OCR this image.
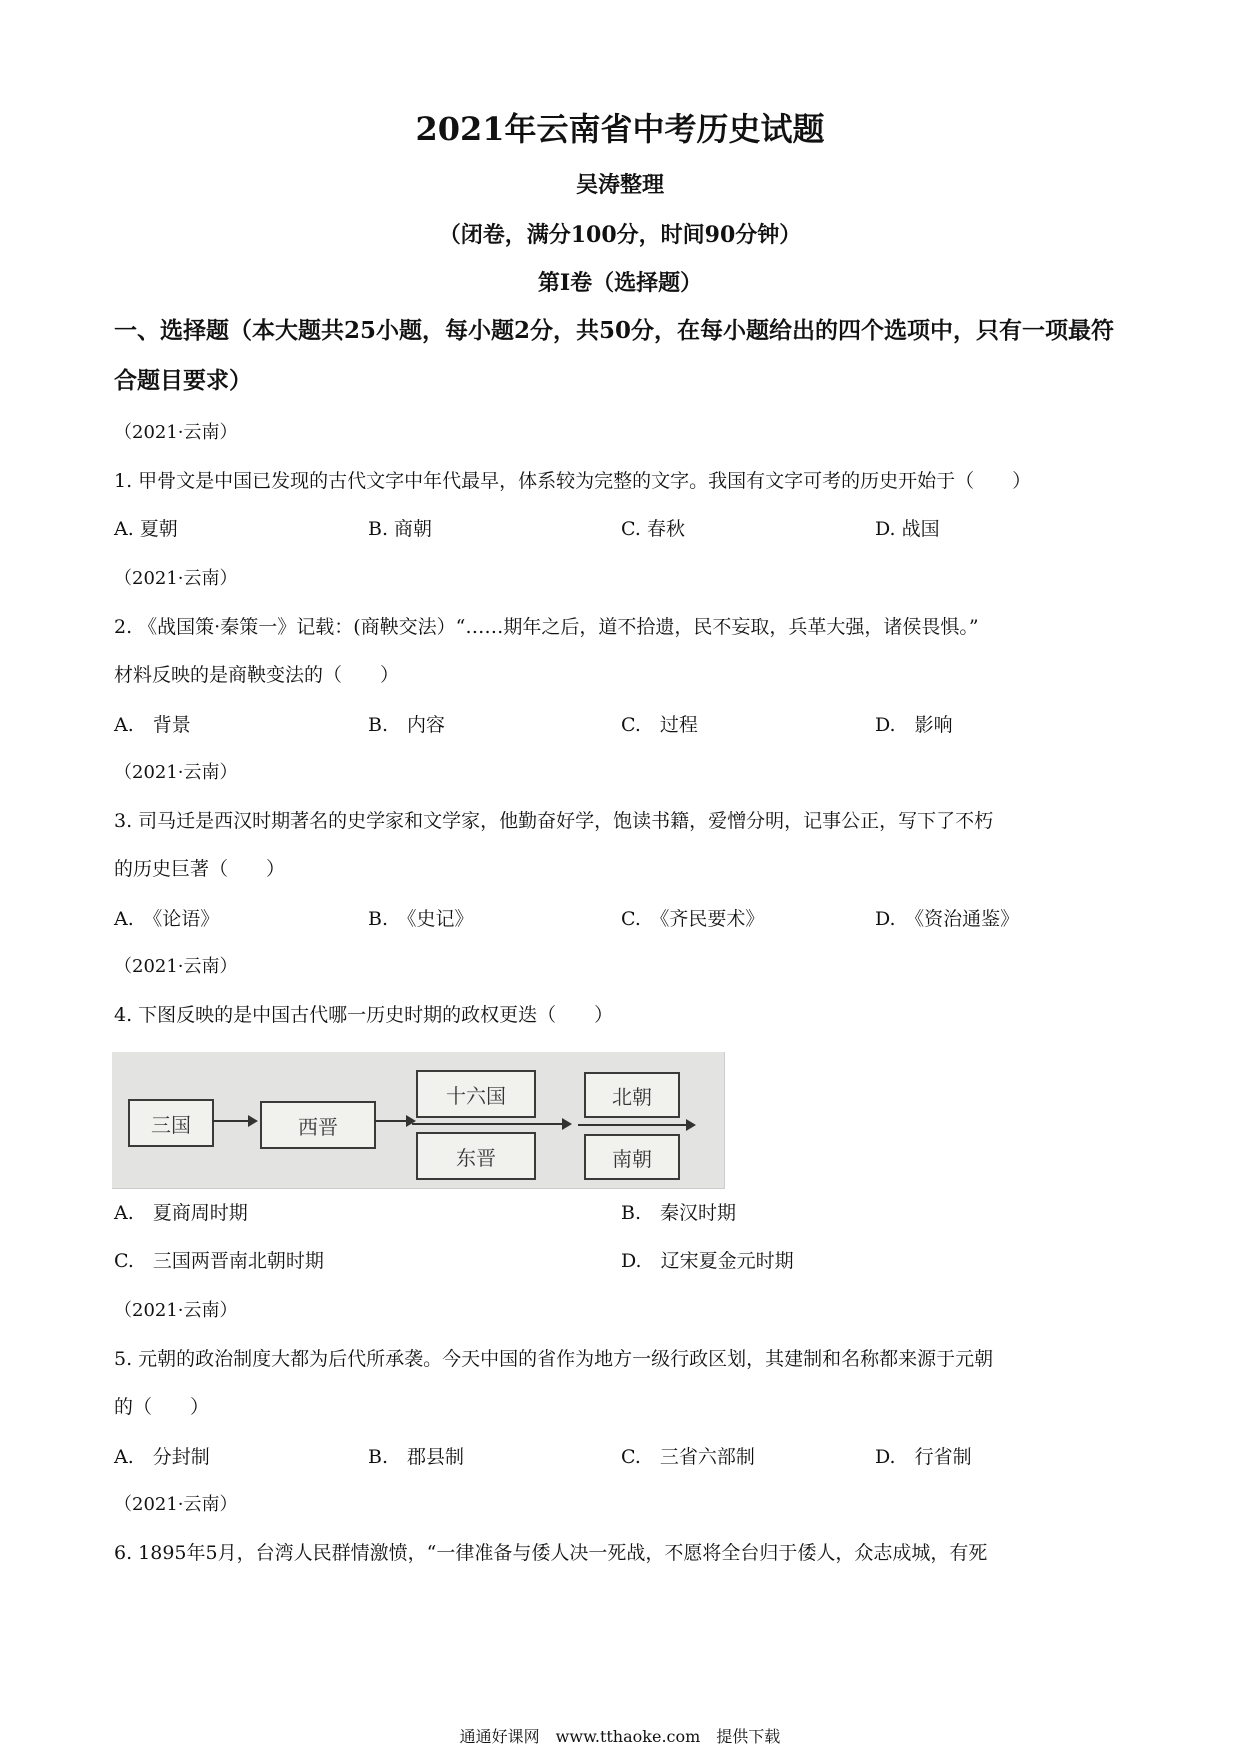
2021年云南省中考历史试题
吴涛整理
（闭卷，满分100分，时间90分钟）
第Ⅰ卷（选择题）
一、选择题（本大题共25小题，每小题2分，共50分，在每小题给出的四个选项中，只有一项最符合题目要求）
（2021·云南）
1. 甲骨文是中国已发现的古代文字中年代最早，体系较为完整的文字。我国有文字可考的历史开始于（　　）
A. 夏朝	B. 商朝	C. 春秋	D. 战国
（2021·云南）
2. 《战国策·秦策一》记载：(商鞅交法）“……期年之后，道不拾遗，民不妄取，兵革大强，诸侯畏惧。”
材料反映的是商鞅变法的（　　）
A.　背景	B.　内容	C.　过程	D.　影响
（2021·云南）
3. 司马迁是西汉时期著名的史学家和文学家，他勤奋好学，饱读书籍，爱憎分明，记事公正，写下了不朽
的历史巨著（　　）
A.　《论语》	B.　《史记》	C.　《齐民要术》	D.　《资治通鉴》
（2021·云南）
4. 下图反映的是中国古代哪一历史时期的政权更迭（　　）
三国	西晋
十六国
东晋
北朝
南朝
A.　夏商周时期	B.　秦汉时期
C.　三国两晋南北朝时期	D.　辽宋夏金元时期
（2021·云南）
5. 元朝的政治制度大都为后代所承袭。今天中国的省作为地方一级行政区划，其建制和名称都来源于元朝
的（　　）
A.　分封制	B.　郡县制	C.　三省六部制	D.　行省制
（2021·云南）
6. 1895年5月，台湾人民群情激愤，“一律准备与倭人决一死战，不愿将全台归于倭人，众志成城，有死
通通好课网　www.tthaoke.com　提供下载
